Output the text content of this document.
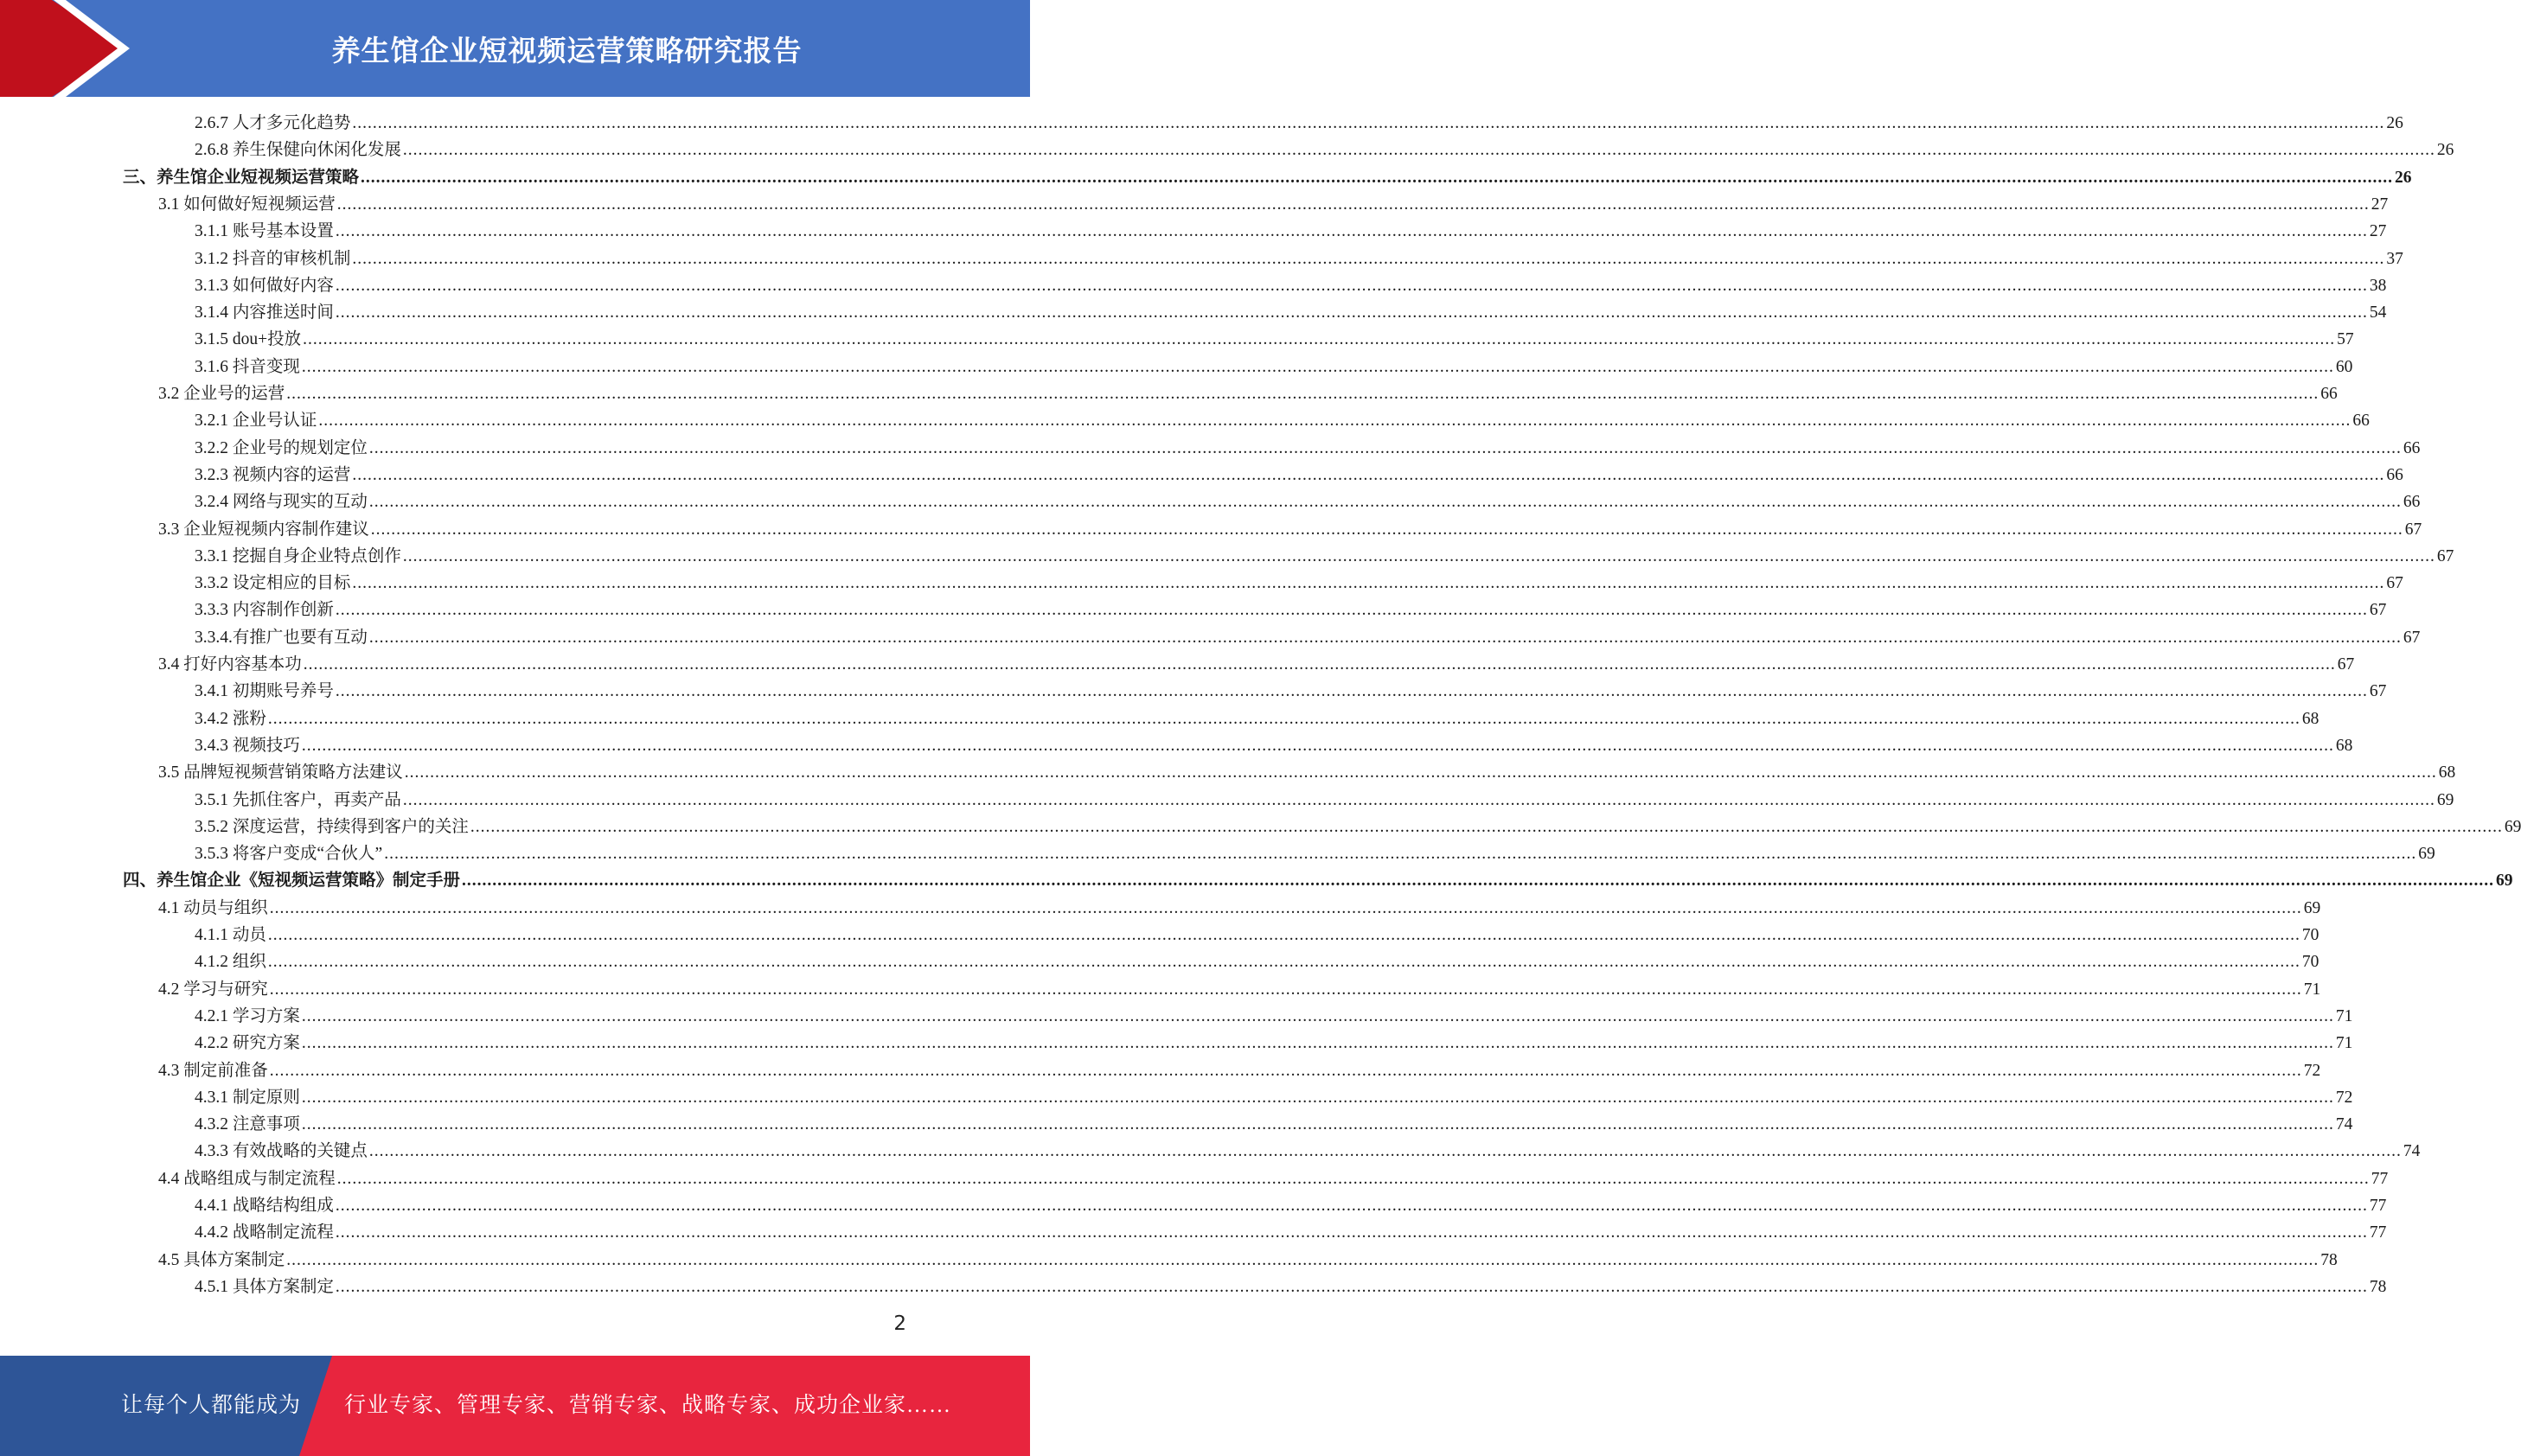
养生馆企业短视频运营策略研究报告
2.6.7 人才多元化趋势 ................................................................................................................................................................................................................................................................................................................................................................................................................ 26
2.6.8 养生保健向休闲化发展 ................................................................................................................................................................................................................................................................................................................................................................................................................ 26
三、养生馆企业短视频运营策略 ................................................................................................................................................................................................................................................................................................................................................................................................................ 26
3.1 如何做好短视频运营 ................................................................................................................................................................................................................................................................................................................................................................................................................ 27
3.1.1 账号基本设置 ................................................................................................................................................................................................................................................................................................................................................................................................................ 27
3.1.2 抖音的审核机制 ................................................................................................................................................................................................................................................................................................................................................................................................................ 37
3.1.3 如何做好内容 ................................................................................................................................................................................................................................................................................................................................................................................................................ 38
3.1.4 内容推送时间 ................................................................................................................................................................................................................................................................................................................................................................................................................ 54
3.1.5 dou+投放 ................................................................................................................................................................................................................................................................................................................................................................................................................ 57
3.1.6 抖音变现 ................................................................................................................................................................................................................................................................................................................................................................................................................ 60
3.2 企业号的运营 ................................................................................................................................................................................................................................................................................................................................................................................................................ 66
3.2.1 企业号认证 ................................................................................................................................................................................................................................................................................................................................................................................................................ 66
3.2.2 企业号的规划定位 ................................................................................................................................................................................................................................................................................................................................................................................................................ 66
3.2.3 视频内容的运营 ................................................................................................................................................................................................................................................................................................................................................................................................................ 66
3.2.4 网络与现实的互动 ................................................................................................................................................................................................................................................................................................................................................................................................................ 66
3.3 企业短视频内容制作建议 ................................................................................................................................................................................................................................................................................................................................................................................................................ 67
3.3.1 挖掘自身企业特点创作 ................................................................................................................................................................................................................................................................................................................................................................................................................ 67
3.3.2 设定相应的目标 ................................................................................................................................................................................................................................................................................................................................................................................................................ 67
3.3.3 内容制作创新 ................................................................................................................................................................................................................................................................................................................................................................................................................ 67
3.3.4.有推广也要有互动 ................................................................................................................................................................................................................................................................................................................................................................................................................ 67
3.4 打好内容基本功 ................................................................................................................................................................................................................................................................................................................................................................................................................ 67
3.4.1 初期账号养号 ................................................................................................................................................................................................................................................................................................................................................................................................................ 67
3.4.2 涨粉 ................................................................................................................................................................................................................................................................................................................................................................................................................ 68
3.4.3 视频技巧 ................................................................................................................................................................................................................................................................................................................................................................................................................ 68
3.5 品牌短视频营销策略方法建议 ................................................................................................................................................................................................................................................................................................................................................................................................................ 68
3.5.1 先抓住客户，再卖产品 ................................................................................................................................................................................................................................................................................................................................................................................................................ 69
3.5.2 深度运营，持续得到客户的关注 ................................................................................................................................................................................................................................................................................................................................................................................................................ 69
3.5.3 将客户变成“合伙人” ................................................................................................................................................................................................................................................................................................................................................................................................................ 69
四、养生馆企业《短视频运营策略》制定手册 ................................................................................................................................................................................................................................................................................................................................................................................................................ 69
4.1 动员与组织 ................................................................................................................................................................................................................................................................................................................................................................................................................ 69
4.1.1 动员 ................................................................................................................................................................................................................................................................................................................................................................................................................ 70
4.1.2 组织 ................................................................................................................................................................................................................................................................................................................................................................................................................ 70
4.2 学习与研究 ................................................................................................................................................................................................................................................................................................................................................................................................................ 71
4.2.1 学习方案 ................................................................................................................................................................................................................................................................................................................................................................................................................ 71
4.2.2 研究方案 ................................................................................................................................................................................................................................................................................................................................................................................................................ 71
4.3 制定前准备 ................................................................................................................................................................................................................................................................................................................................................................................................................ 72
4.3.1 制定原则 ................................................................................................................................................................................................................................................................................................................................................................................................................ 72
4.3.2 注意事项 ................................................................................................................................................................................................................................................................................................................................................................................................................ 74
4.3.3 有效战略的关键点 ................................................................................................................................................................................................................................................................................................................................................................................................................ 74
4.4 战略组成与制定流程 ................................................................................................................................................................................................................................................................................................................................................................................................................ 77
4.4.1 战略结构组成 ................................................................................................................................................................................................................................................................................................................................................................................................................ 77
4.4.2 战略制定流程 ................................................................................................................................................................................................................................................................................................................................................................................................................ 77
4.5 具体方案制定 ................................................................................................................................................................................................................................................................................................................................................................................................................ 78
4.5.1 具体方案制定 ................................................................................................................................................................................................................................................................................................................................................................................................................ 78
2
让每个人都能成为 行业专家、管理专家、营销专家、战略专家、成功企业家……
